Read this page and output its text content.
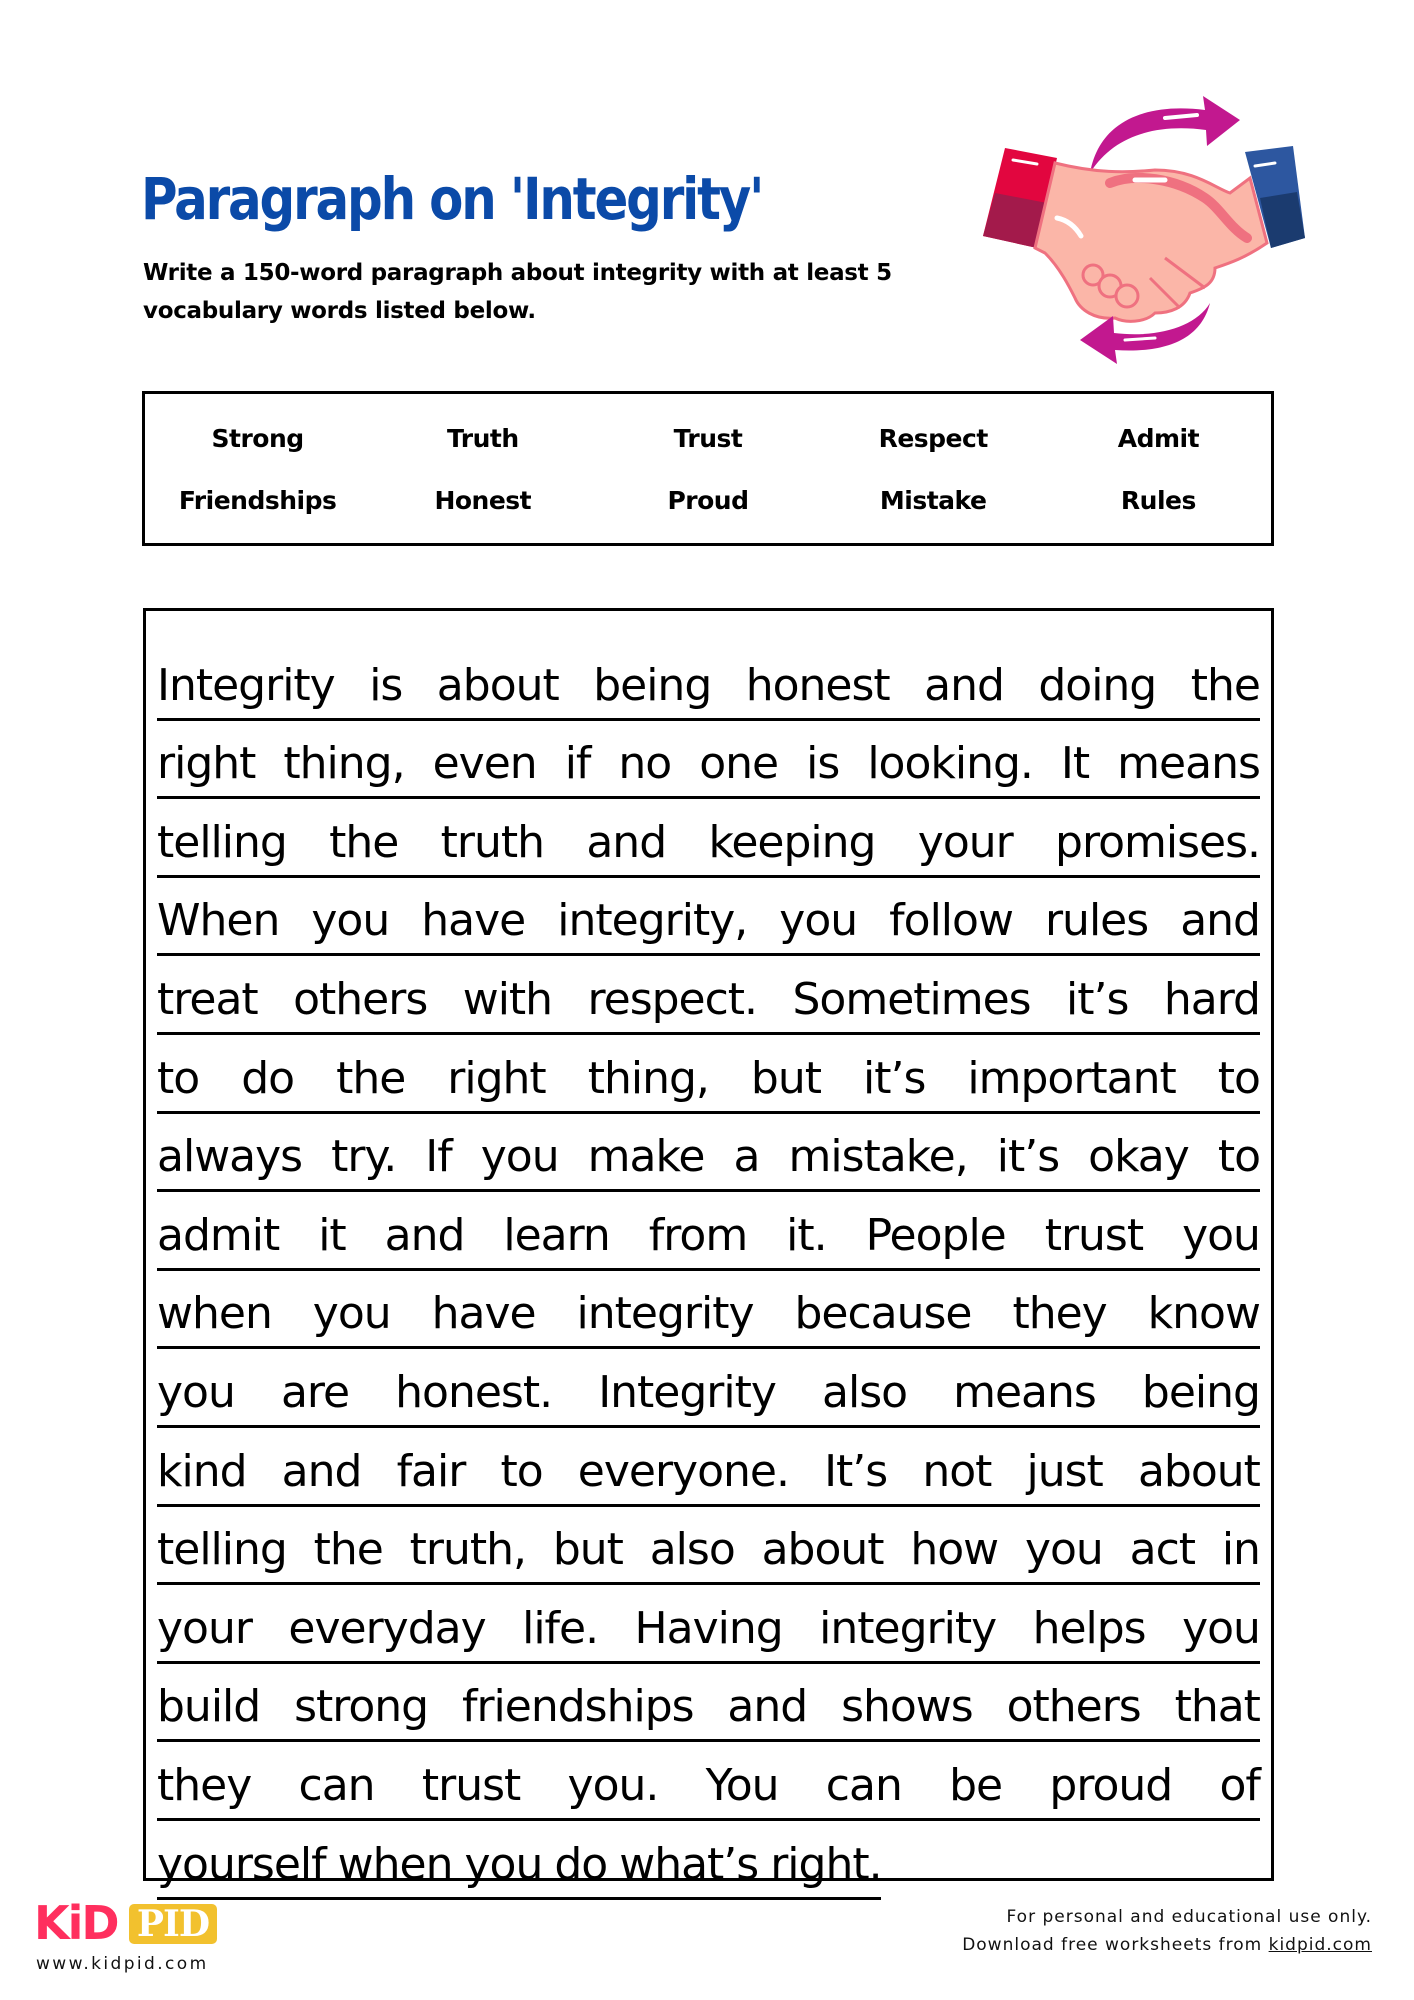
Paragraph on 'Integrity'

Write a 150-word paragraph about integrity with at least 5 vocabulary words listed below.

Strong	Truth	Trust	Respect	Admit
Friendships	Honest	Proud	Mistake	Rules
Integrity is about being honest and doing the
right thing, even if no one is looking. It means
telling the truth and keeping your promises.
When you have integrity, you follow rules and
treat others with respect. Sometimes it’s hard
to do the right thing, but it’s important to
always try. If you make a mistake, it’s okay to
admit it and learn from it. People trust you
when you have integrity because they know
you are honest. Integrity also means being
kind and fair to everyone. It’s not just about
telling the truth, but also about how you act in
your everyday life. Having integrity helps you
build strong friendships and shows others that
they can trust you. You can be proud of
yourself when you do what’s right.
KiD PID
www.kidpid.com
For personal and educational use only.
Download free worksheets from kidpid.com
